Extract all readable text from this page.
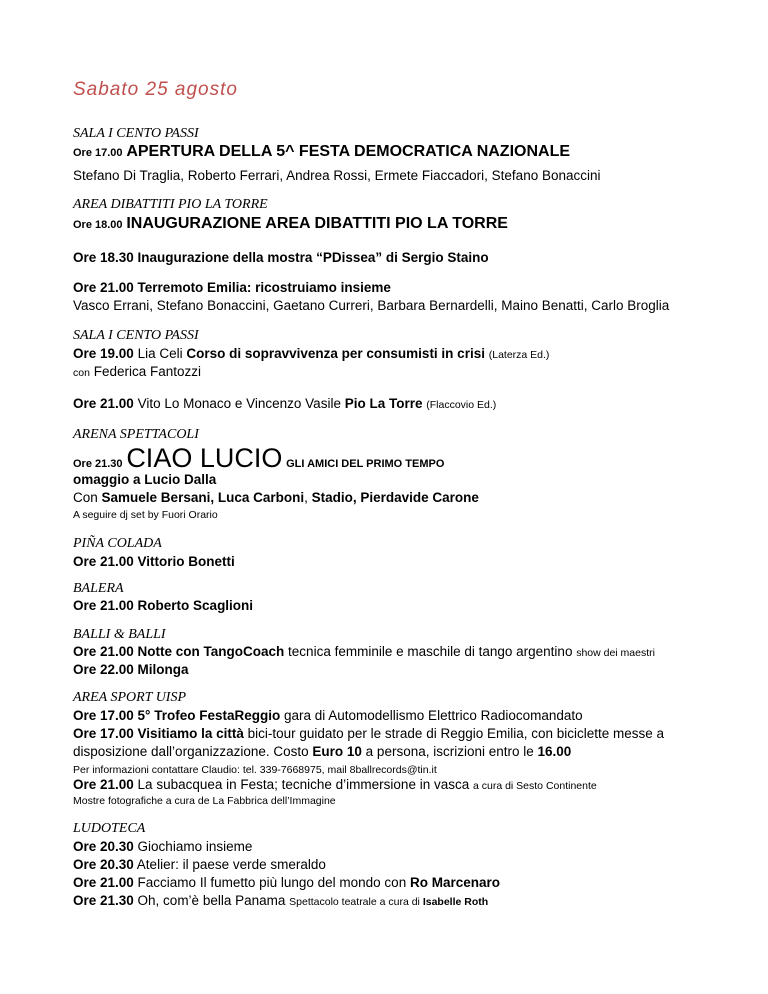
Sabato 25 agosto
SALA I CENTO PASSI
Ore 17.00 APERTURA DELLA 5^ FESTA DEMOCRATICA NAZIONALE
Stefano Di Traglia, Roberto Ferrari, Andrea Rossi, Ermete Fiaccadori, Stefano Bonaccini
AREA DIBATTITI PIO LA TORRE
Ore 18.00 INAUGURAZIONE AREA DIBATTITI PIO LA TORRE
Ore 18.30 Inaugurazione della mostra “PDissea” di Sergio Staino
Ore 21.00 Terremoto Emilia: ricostruiamo insieme
Vasco Errani, Stefano Bonaccini, Gaetano Curreri, Barbara Bernardelli, Maino Benatti, Carlo Broglia
SALA I CENTO PASSI
Ore 19.00 Lia Celi Corso di sopravvivenza per consumisti in crisi (Laterza Ed.)
con Federica Fantozzi
Ore 21.00 Vito Lo Monaco e Vincenzo Vasile Pio La Torre (Flaccovio Ed.)
ARENA SPETTACOLI
Ore 21.30 CIAO LUCIO GLI AMICI DEL PRIMO TEMPO
omaggio a Lucio Dalla
Con Samuele Bersani, Luca Carboni, Stadio, Pierdavide Carone
A seguire dj set by Fuori Orario
PIÑA COLADA
Ore 21.00 Vittorio Bonetti
BALERA
Ore 21.00 Roberto Scaglioni
BALLI & BALLI
Ore 21.00 Notte con TangoCoach tecnica femminile e maschile di tango argentino show dei maestri
Ore 22.00 Milonga
AREA SPORT UISP
Ore 17.00 5° Trofeo FestaReggio gara di Automodellismo Elettrico Radiocomandato
Ore 17.00 Visitiamo la città bici-tour guidato per le strade di Reggio Emilia, con biciclette messe a disposizione dall’organizzazione. Costo Euro 10 a persona, iscrizioni entro le 16.00
Per informazioni contattare Claudio: tel. 339-7668975, mail 8ballrecords@tin.it
Ore 21.00 La subacquea in Festa; tecniche d’immersione in vasca a cura di Sesto Continente
Mostre fotografiche a cura de La Fabbrica dell’Immagine
LUDOTECA
Ore 20.30 Giochiamo insieme
Ore 20.30 Atelier: il paese verde smeraldo
Ore 21.00 Facciamo Il fumetto più lungo del mondo con Ro Marcenaro
Ore 21.30 Oh, com’è bella Panama Spettacolo teatrale a cura di Isabelle Roth
